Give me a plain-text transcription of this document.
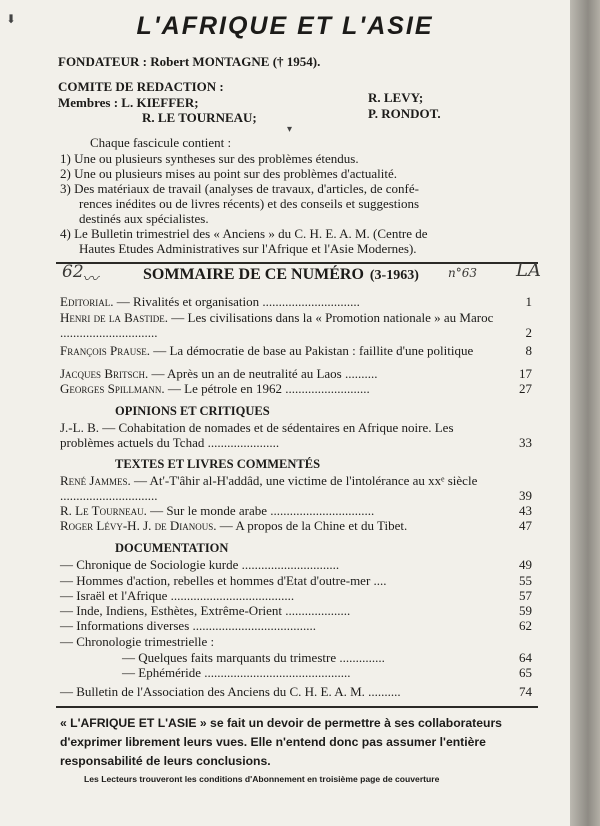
⬇	L'AFRIQUE ET L'ASIE
FONDATEUR : Robert MONTAGNE († 1954).
COMITE DE REDACTION :
Membres : L. KIEFFER;
R. LE TOURNEAU;
R. LEVY;
P. RONDOT.
▾
Chaque fascicule contient :
1) Une ou plusieurs syntheses sur des problèmes étendus.
2) Une ou plusieurs mises au point sur des problèmes d'actualité.
3) Des matériaux de travail (analyses de travaux, d'articles, de confé-
rences inédites ou de livres récents) et des conseils et suggestions
destinés aux spécialistes.
4) Le Bulletin trimestriel des « Anciens » du C. H. E. A. M. (Centre de
Hautes Etudes Administratives sur l'Afrique et l'Asie Modernes).
62
〰	SOMMAIRE DE CE NUMÉRO (3-1963) n°63 LA
Editorial. — Rivalités et organisation ..............................	1
Henri de la Bastide. — Les civilisations dans la « Promotion nationale » au Maroc ..............................	2
François Prause. — La démocratie de base au Pakistan : faillite d'une politique	8
Jacques Britsch. — Après un an de neutralité au Laos ..........	17
Georges Spillmann. — Le pétrole en 1962 ..........................	27
OPINIONS ET CRITIQUES
J.-L. B. — Cohabitation de nomades et de sédentaires en Afrique noire. Les problèmes actuels du Tchad ......................	33
TEXTES ET LIVRES COMMENTÉS
René Jammes. — At'-T'âhir al-H'addâd, une victime de l'intolérance au xxᵉ siècle ..............................	39
R. Le Tourneau. — Sur le monde arabe ................................	43
Roger Lévy-H. J. de Dianous. — A propos de la Chine et du Tibet.	47
DOCUMENTATION
— Chronique de Sociologie kurde ..............................	49
— Hommes d'action, rebelles et hommes d'Etat d'outre-mer ....	55
— Israël et l'Afrique ......................................	57
— Inde, Indiens, Esthètes, Extrême-Orient ....................	59
— Informations diverses ......................................	62
— Chronologie trimestrielle :
— Quelques faits marquants du trimestre ..............	64
— Ephéméride .............................................	65
— Bulletin de l'Association des Anciens du C. H. E. A. M. ..........	74
« L'AFRIQUE ET L'ASIE » se fait un devoir de permettre à ses collaborateurs d'exprimer librement leurs vues. Elle n'entend donc pas assumer l'entière responsabilité de leurs conclusions.
Les Lecteurs trouveront les conditions d'Abonnement en troisième page de couverture
